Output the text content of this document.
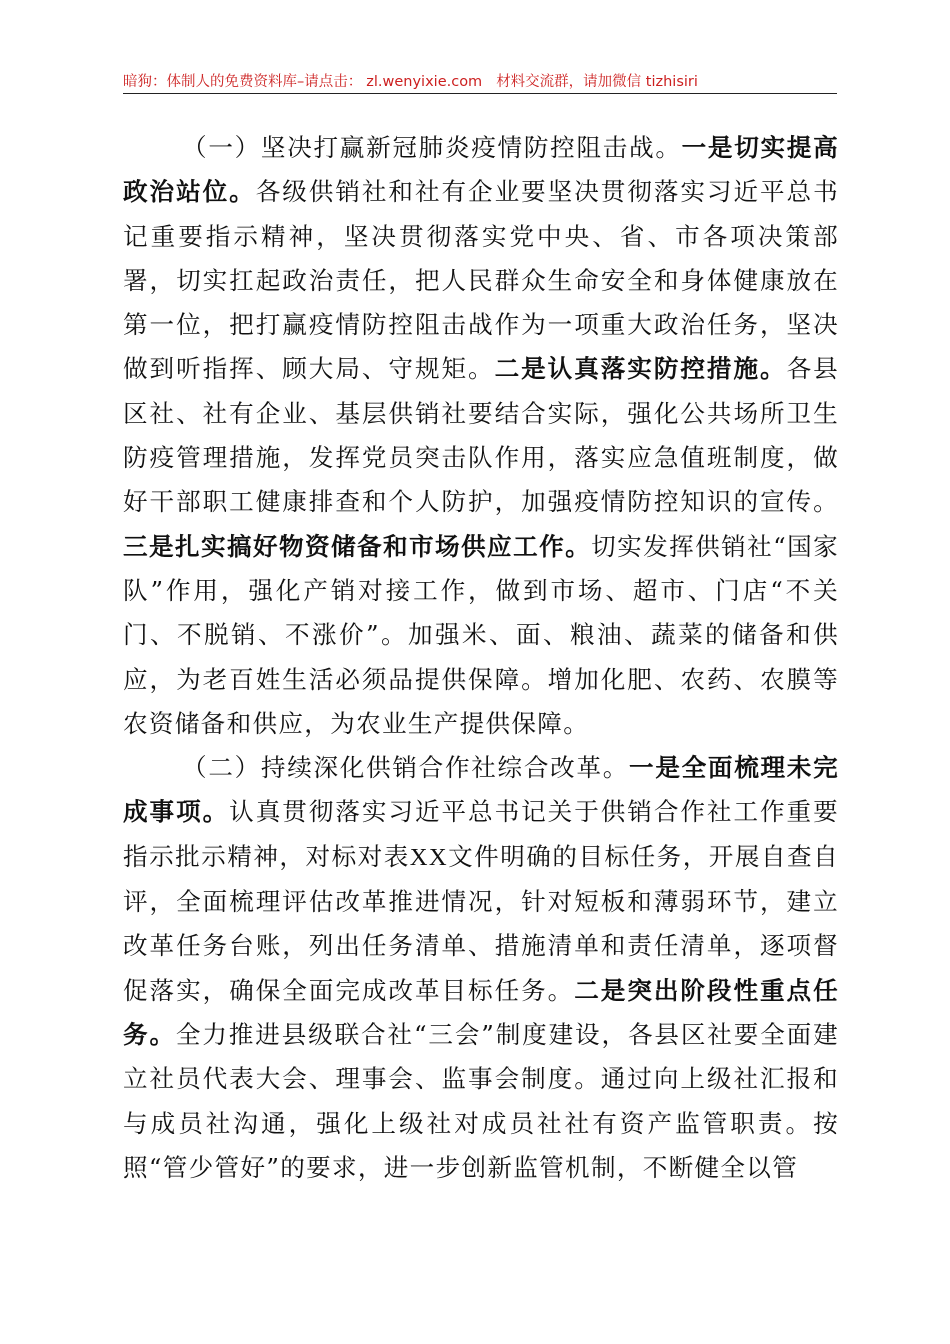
暗狗：体制人的免费资料库–请点击： zl.wenyixie.com 材料交流群，请加微信 tizhisiri

（一）坚决打赢新冠肺炎疫情防控阻击战。一是切实提高政治站位。各级供销社和社有企业要坚决贯彻落实习近平总书记重要指示精神，坚决贯彻落实党中央、省、市各项决策部署，切实扛起政治责任，把人民群众生命安全和身体健康放在第一位，把打赢疫情防控阻击战作为一项重大政治任务，坚决做到听指挥、顾大局、守规矩。二是认真落实防控措施。各县区社、社有企业、基层供销社要结合实际，强化公共场所卫生防疫管理措施，发挥党员突击队作用，落实应急值班制度，做好干部职工健康排查和个人防护，加强疫情防控知识的宣传。三是扎实搞好物资储备和市场供应工作。切实发挥供销社“国家队”作用，强化产销对接工作，做到市场、超市、门店“不关门、不脱销、不涨价”。加强米、面、粮油、蔬菜的储备和供应，为老百姓生活必须品提供保障。增加化肥、农药、农膜等农资储备和供应，为农业生产提供保障。

（二）持续深化供销合作社综合改革。一是全面梳理未完成事项。认真贯彻落实习近平总书记关于供销合作社工作重要指示批示精神，对标对表XX文件明确的目标任务，开展自查自评，全面梳理评估改革推进情况，针对短板和薄弱环节，建立改革任务台账，列出任务清单、措施清单和责任清单，逐项督促落实，确保全面完成改革目标任务。二是突出阶段性重点任务。全力推进县级联合社“三会”制度建设，各县区社要全面建立社员代表大会、理事会、监事会制度。通过向上级社汇报和与成员社沟通，强化上级社对成员社社有资产监管职责。按照“管少管好”的要求，进一步创新监管机制，不断健全以管
